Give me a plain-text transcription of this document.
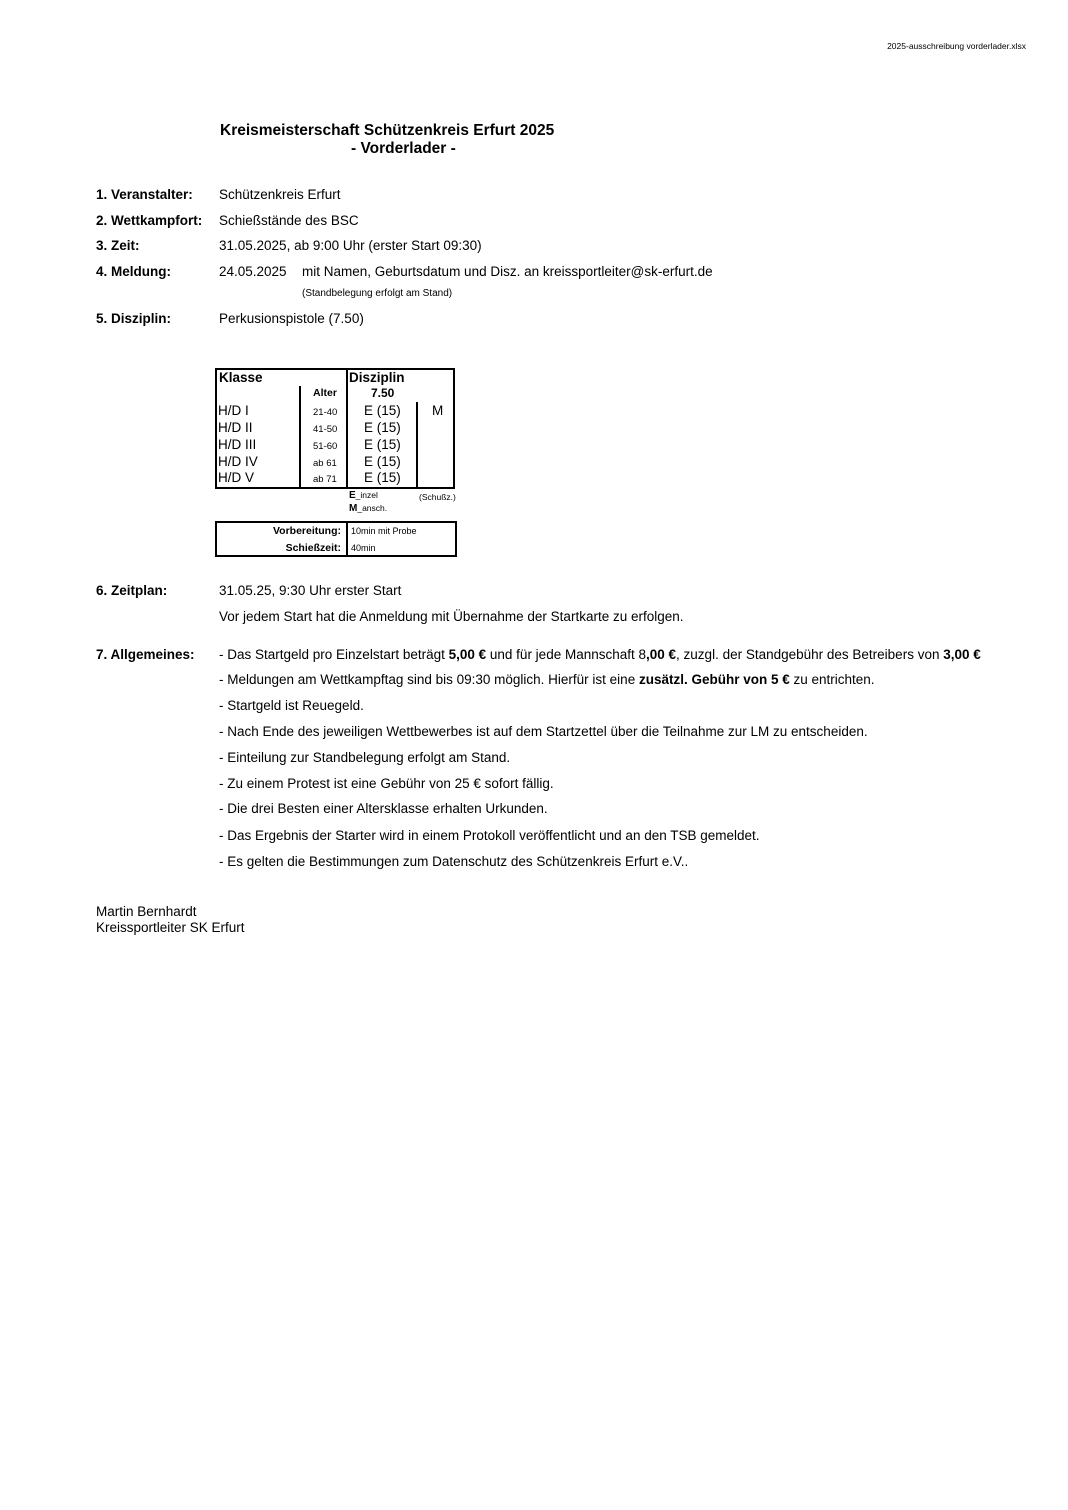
2025-ausschreibung vorderlader.xlsx
Kreismeisterschaft Schützenkreis Erfurt 2025
- Vorderlader -
1. Veranstalter: Schützenkreis Erfurt
2. Wettkampfort: Schießstände des BSC
3. Zeit:	31.05.2025, ab 9:00 Uhr (erster Start 09:30)
4. Meldung:	24.05.2025 mit Namen, Geburtsdatum und Disz. an kreissportleiter@sk-erfurt.de
(Standbelegung erfolgt am Stand)
5. Disziplin:	Perkusionspistole (7.50)
Klasse
Alter
Disziplin
7.50
H/D I	21-40 E (15) M
H/D II	41-50 E (15)
H/D III	51-60 E (15)
H/D IV	ab 61 E (15)
H/D V	ab 71 E (15)
E_inzel
M_ansch.
(Schußz.)
Vorbereitung: 10min mit Probe
Schießzeit: 40min
6. Zeitplan:	31.05.25, 9:30 Uhr erster Start
Vor jedem Start hat die Anmeldung mit Übernahme der Startkarte zu erfolgen.
7. Allgemeines: - Das Startgeld pro Einzelstart beträgt 5,00 € und für jede Mannschaft 8,00 €, zuzgl. der Standgebühr des Betreibers von 3,00 €
- Meldungen am Wettkampftag sind bis 09:30 möglich. Hierfür ist eine zusätzl. Gebühr von 5 € zu entrichten.
- Startgeld ist Reuegeld.
- Nach Ende des jeweiligen Wettbewerbes ist auf dem Startzettel über die Teilnahme zur LM zu entscheiden.
- Einteilung zur Standbelegung erfolgt am Stand.
- Zu einem Protest ist eine Gebühr von 25 € sofort fällig.
- Die drei Besten einer Altersklasse erhalten Urkunden.
- Das Ergebnis der Starter wird in einem Protokoll veröffentlicht und an den TSB gemeldet.
- Es gelten die Bestimmungen zum Datenschutz des Schützenkreis Erfurt e.V..
Martin Bernhardt
Kreissportleiter SK Erfurt
